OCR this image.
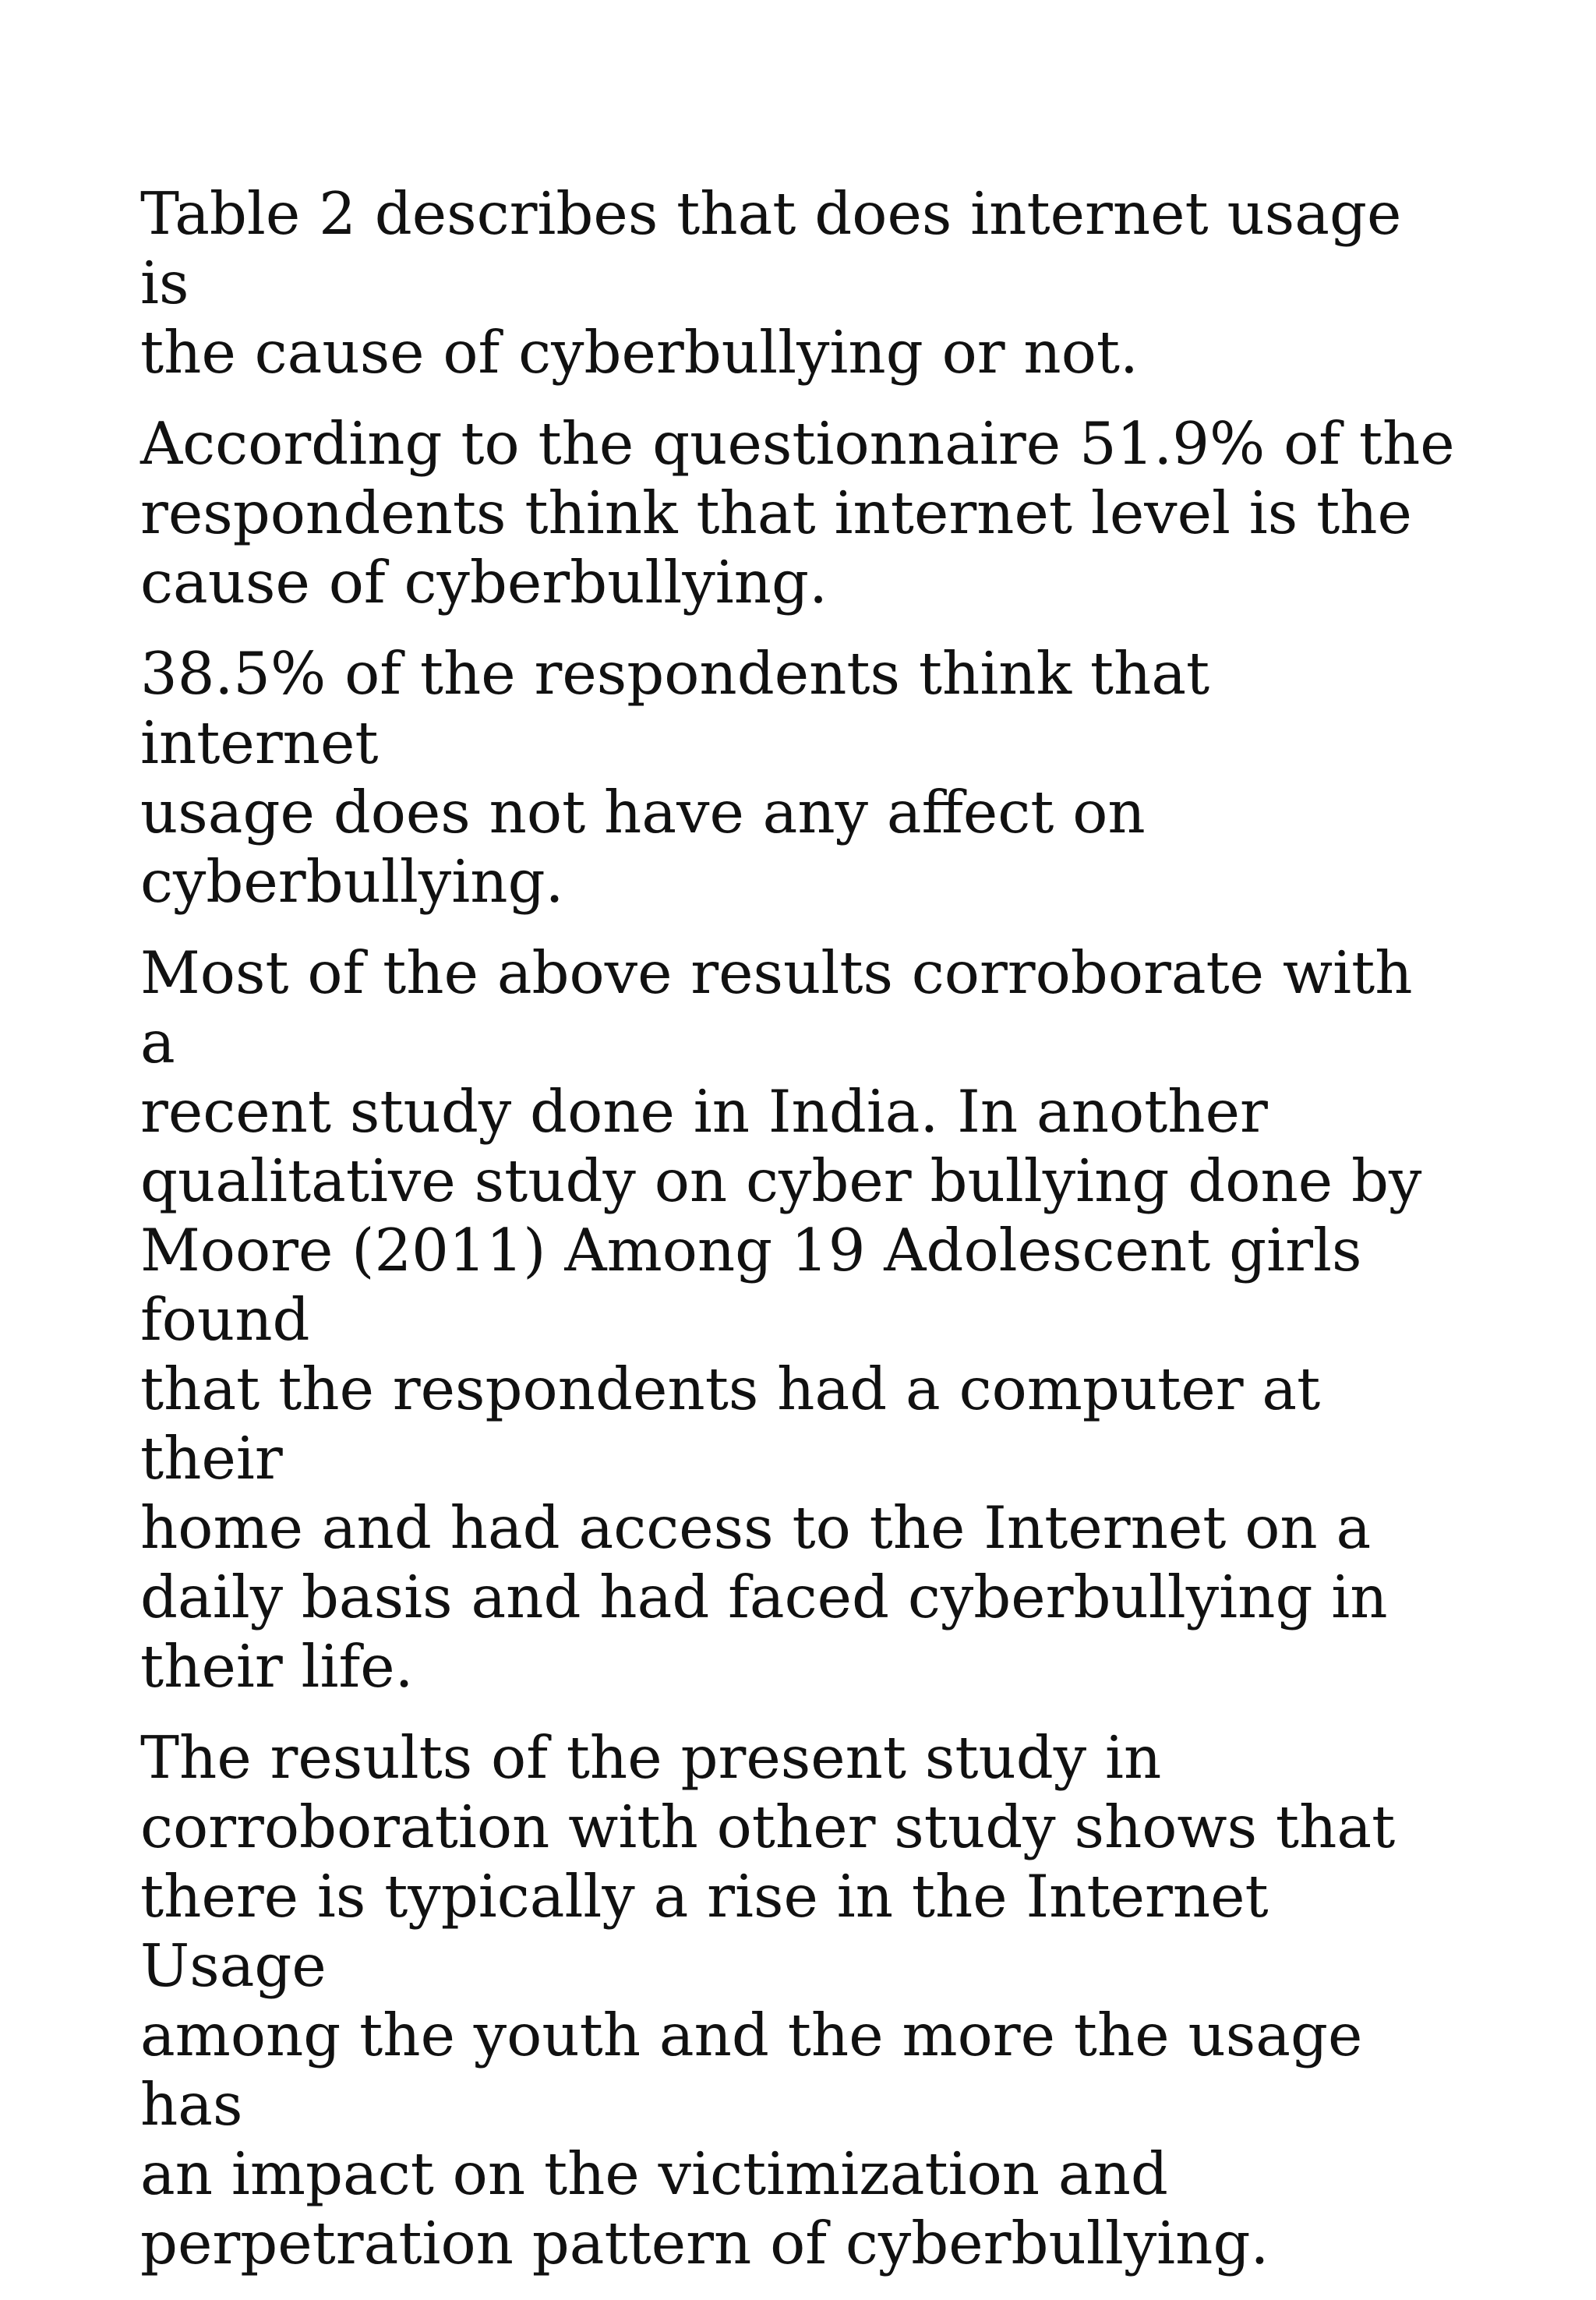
Table 2 describes that does internet usage is
the cause of cyberbullying or not.

According to the questionnaire 51.9% of the
respondents think that internet level is the
cause of cyberbullying.

38.5% of the respondents think that internet
usage does not have any affect on
cyberbullying.

Most of the above results corroborate with a
recent study done in India. In another
qualitative study on cyber bullying done by
Moore (2011) Among 19 Adolescent girls found
that the respondents had a computer at their
home and had access to the Internet on a
daily basis and had faced cyberbullying in
their life.

The results of the present study in
corroboration with other study shows that
there is typically a rise in the Internet Usage
among the youth and the more the usage has
an impact on the victimization and
perpetration pattern of cyberbullying.
